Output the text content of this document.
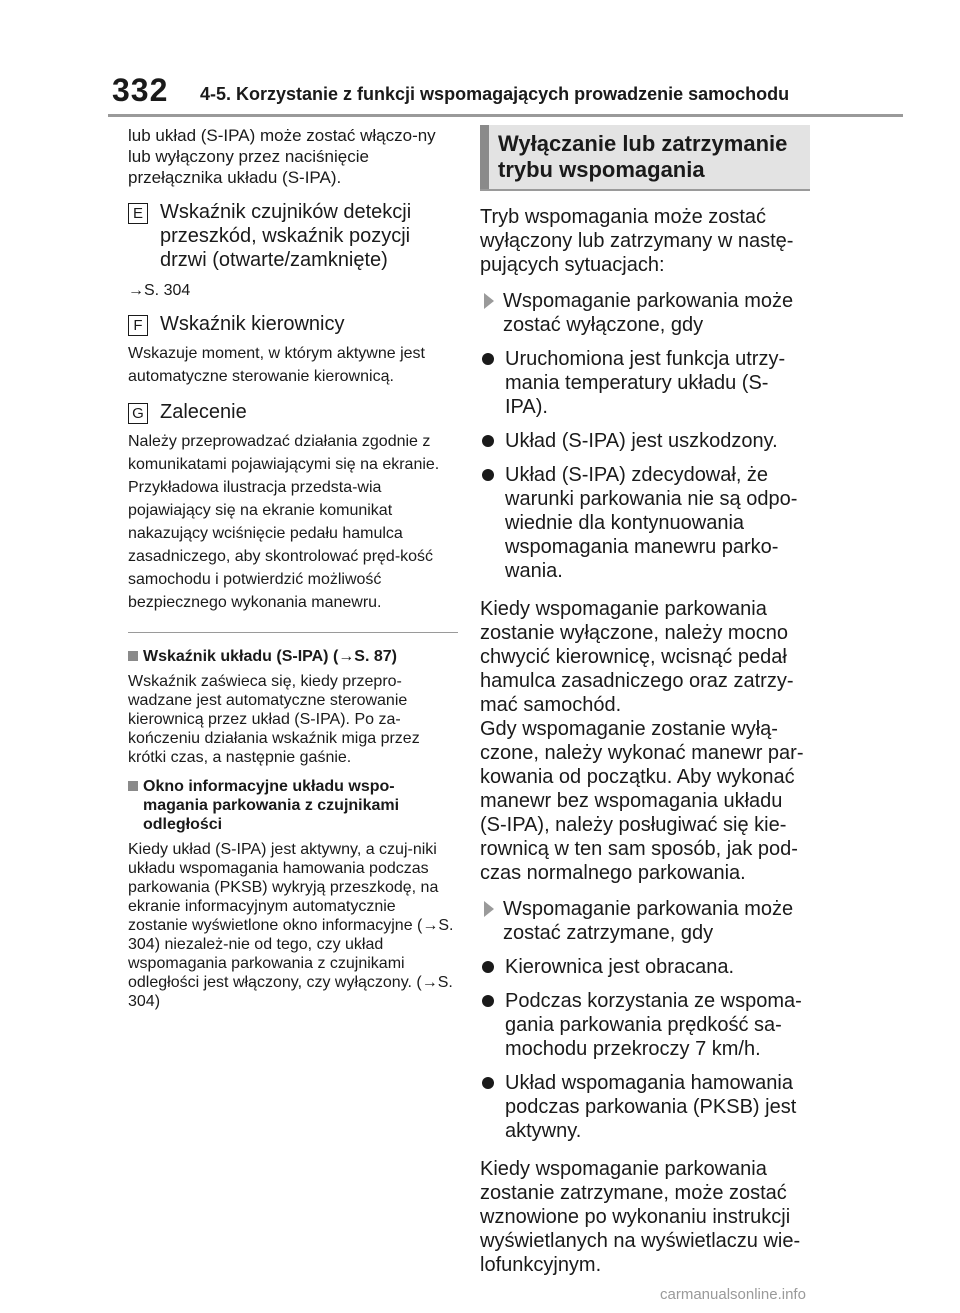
332 4-5. Korzystanie z funkcji wspomagających prowadzenie samochodu

lub układ (S-IPA) może zostać włączo-ny lub wyłączony przez naciśnięcie przełącznika układu (S-IPA).

E Wskaźnik czujników detekcji przeszkód, wskaźnik pozycji drzwi (otwarte/zamknięte)

→S. 304

F Wskaźnik kierownicy

Wskazuje moment, w którym aktywne jest automatyczne sterowanie kierownicą.

G Zalecenie

Należy przeprowadzać działania zgodnie z komunikatami pojawiającymi się na ekranie. Przykładowa ilustracja przedsta-wia pojawiający się na ekranie komunikat nakazujący wciśnięcie pedału hamulca zasadniczego, aby skontrolować pręd-kość samochodu i potwierdzić możliwość bezpiecznego wykonania manewru.

Wskaźnik układu (S-IPA) (→S. 87)

Wskaźnik zaświeca się, kiedy przepro-wadzane jest automatyczne sterowanie kierownicą przez układ (S-IPA). Po za-kończeniu działania wskaźnik miga przez krótki czas, a następnie gaśnie.

Okno informacyjne układu wspo-magania parkowania z czujnikami odległości

Kiedy układ (S-IPA) jest aktywny, a czuj-niki układu wspomagania hamowania podczas parkowania (PKSB) wykryją przeszkodę, na ekranie informacyjnym automatycznie zostanie wyświetlone okno informacyjne (→S. 304) niezależ-nie od tego, czy układ wspomagania parkowania z czujnikami odległości jest włączony, czy wyłączony. (→S. 304)

Wyłączanie lub zatrzymanie trybu wspomagania

Tryb wspomagania może zostać wyłączony lub zatrzymany w nastę-pujących sytuacjach:

Wspomaganie parkowania może zostać wyłączone, gdy
Uruchomiona jest funkcja utrzy-mania temperatury układu (S-IPA).
Układ (S-IPA) jest uszkodzony.
Układ (S-IPA) zdecydował, że warunki parkowania nie są odpo-wiednie dla kontynuowania wspomagania manewru parko-wania.

Kiedy wspomaganie parkowania zostanie wyłączone, należy mocno chwycić kierownicę, wcisnąć pedał hamulca zasadniczego oraz zatrzy-mać samochód.

Gdy wspomaganie zostanie wyłą-czone, należy wykonać manewr par-kowania od początku. Aby wykonać manewr bez wspomagania układu (S-IPA), należy posługiwać się kie-rownicą w ten sam sposób, jak pod-czas normalnego parkowania.

Wspomaganie parkowania może zostać zatrzymane, gdy
Kierownica jest obracana.
Podczas korzystania ze wspoma-gania parkowania prędkość sa-mochodu przekroczy 7 km/h.
Układ wspomagania hamowania podczas parkowania (PKSB) jest aktywny.

Kiedy wspomaganie parkowania zostanie zatrzymane, może zostać wznowione po wykonaniu instrukcji wyświetlanych na wyświetlaczu wie-lofunkcyjnym.

carmanualsonline.info
